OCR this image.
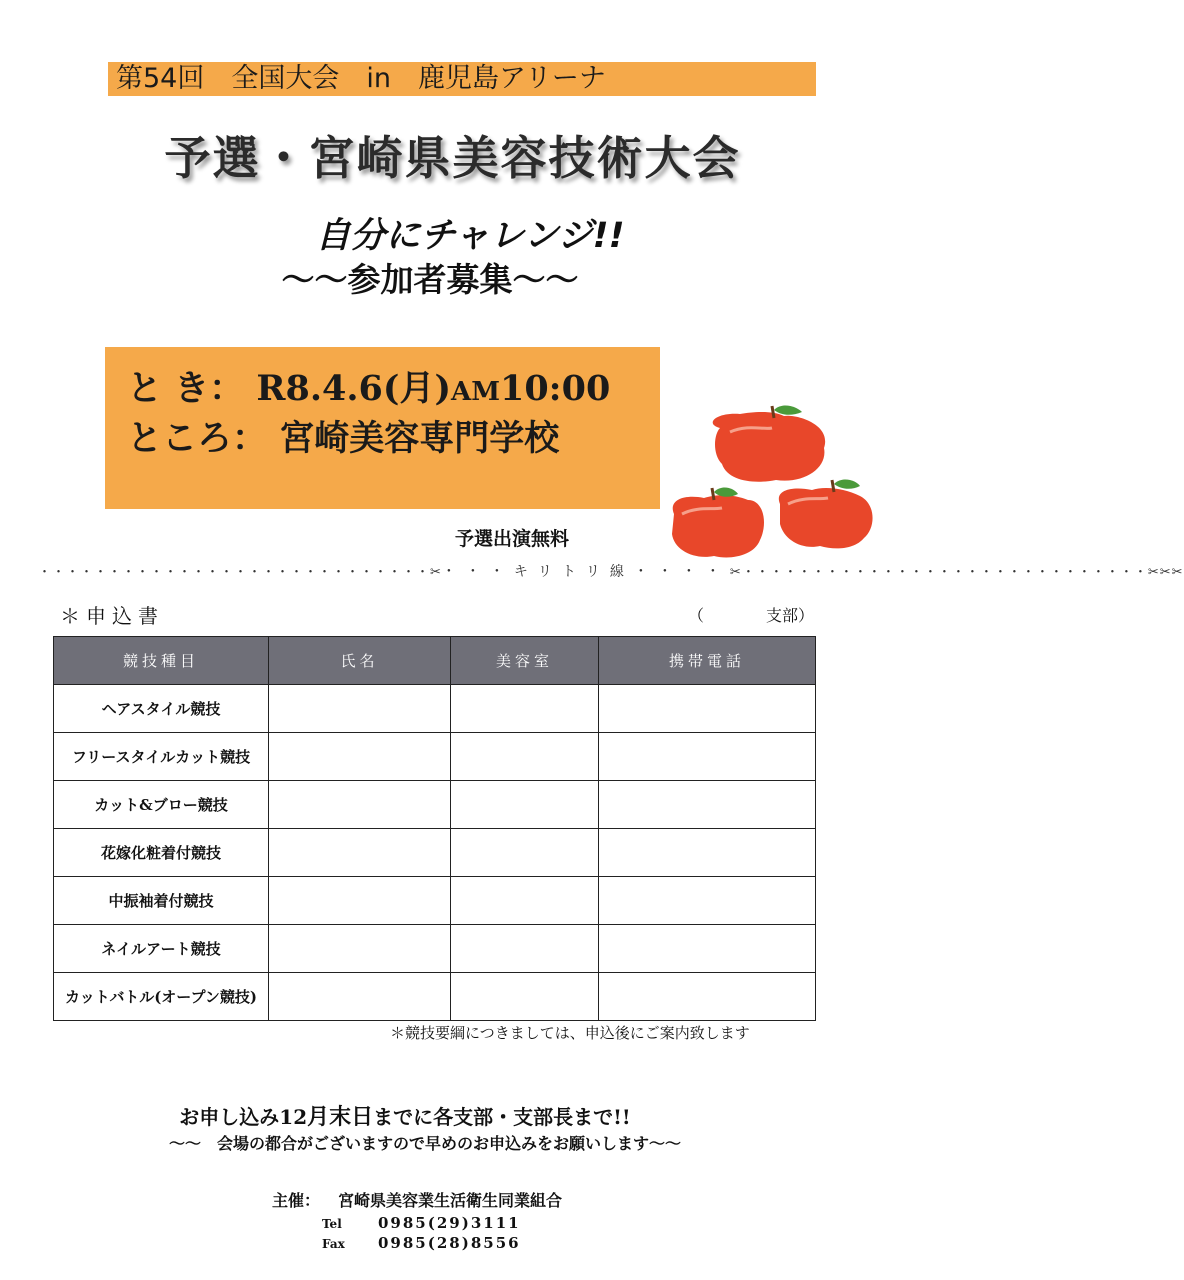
第54回　全国大会　in　鹿児島アリーナ
予選・宮崎県美容技術大会
自分にチャレンジ!!
～～参加者募集～～
と き： R8.4.6(月)AM10:00
ところ： 宮崎美容専門学校
予選出演無料
・・・・・・・・・・・・・・・・・・・・・・・・・・・・✂・・・キリトリ線・・・・✂・・・・・・・・・・・・・・・・・・・・・・・・・・・・・✂✂✂
＊申込書	（	支部）
競技種目	氏名	美容室	携帯電話
ヘアスタイル競技			
フリースタイルカット競技			
カット&ブロー競技			
花嫁化粧着付競技			
中振袖着付競技			
ネイルアート競技			
カットバトル(オープン競技)			
＊競技要綱につきましては、申込後にご案内致します
お申し込み12月末日までに各支部・支部長まで!!
～～　会場の都合がございますので早めのお申込みをお願いします～～
主催： 宮崎県美容業生活衛生同業組合
Tel 0985(29)3111
Fax 0985(28)8556
